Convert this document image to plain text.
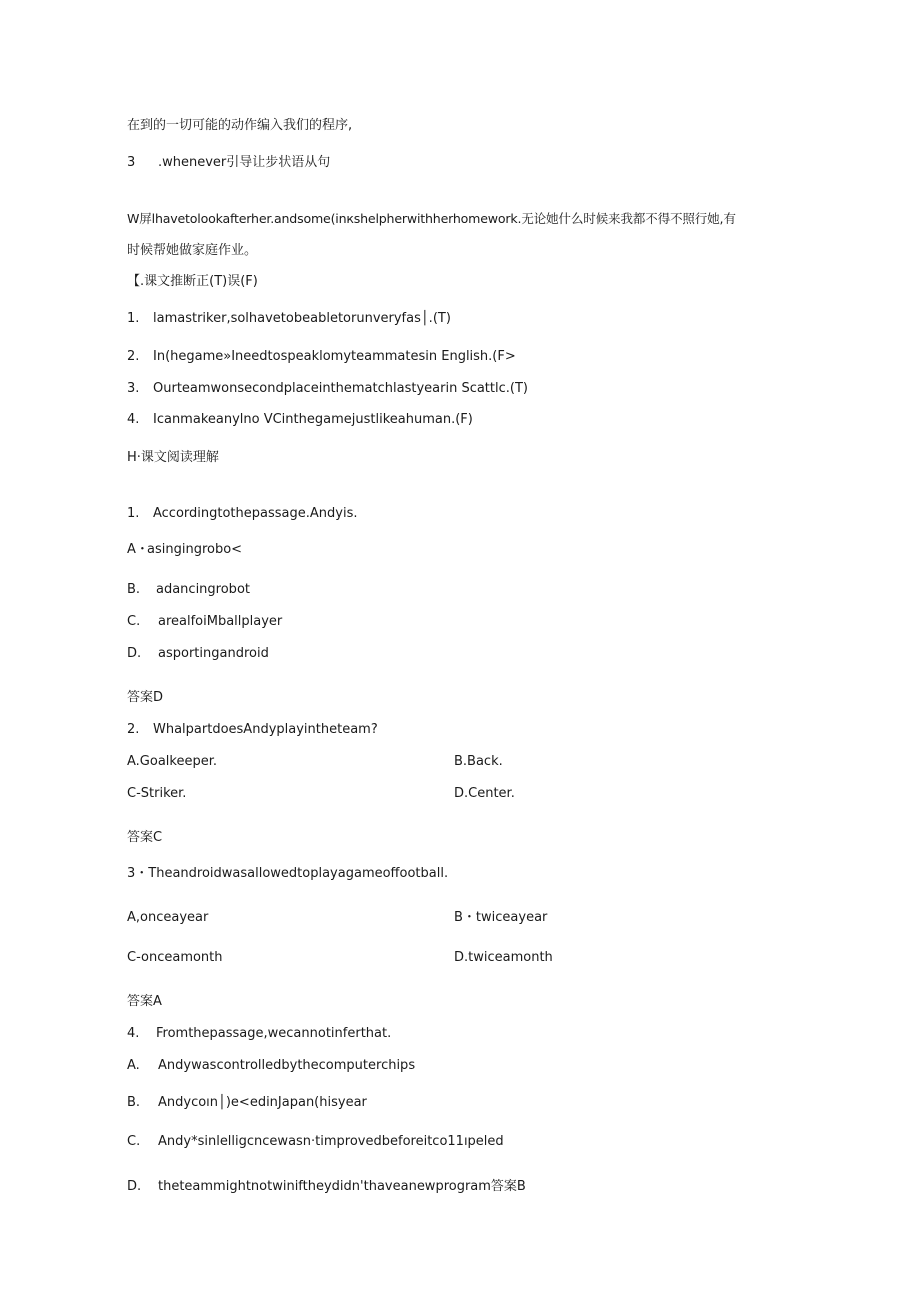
在到的一切可能的动作编入我们的程序,
3 .whenever引导让步状语从句
W屏lhavetolookafterher.andsome(inкshelpherwithherhomework.无论她什么时候来我都不得不照行她,有
时候帮她做家庭作业。
【.课文推断正(T)误(F)
1. lamastriker,solhavetobeabletorunveryfas│.(T)
2. In(hegame»Ineedtospeaklomyteammatesin English.(F>
3. Ourteamwonsecondplaceinthematchlastyearin Scattlc.(T)
4. Icanmakeanylno VCinthegamejustlikeahuman.(F)
H·课文阅读理解
1. Accordingtothepassage.Andyis.
A・asingingrobo<
B. adancingrobot
C. arealfoiMballplayer
D. asportingandroid
答案D
2. WhalpartdoesAndyplayintheteam?
A.Goalkeeper.	B.Back.
C-Striker.	D.Center.
答案C
3・Theandroidwasallowedtoplayagameoffootball.
A,onceayear	B・twiceayear
C-onceamonth	D.twiceamonth
答案A
4. Fromthepassage,wecannotinferthat.
A. Andywascontrolledbythecomputerchips
B. Andycoın│)e<edinJapan(hisyear
C. Andy*sinlelligcncewasn·timprovedbeforeitco11ıpeled
D. theteammightnotwinifthеydidn'thaveanewprogram答案B
